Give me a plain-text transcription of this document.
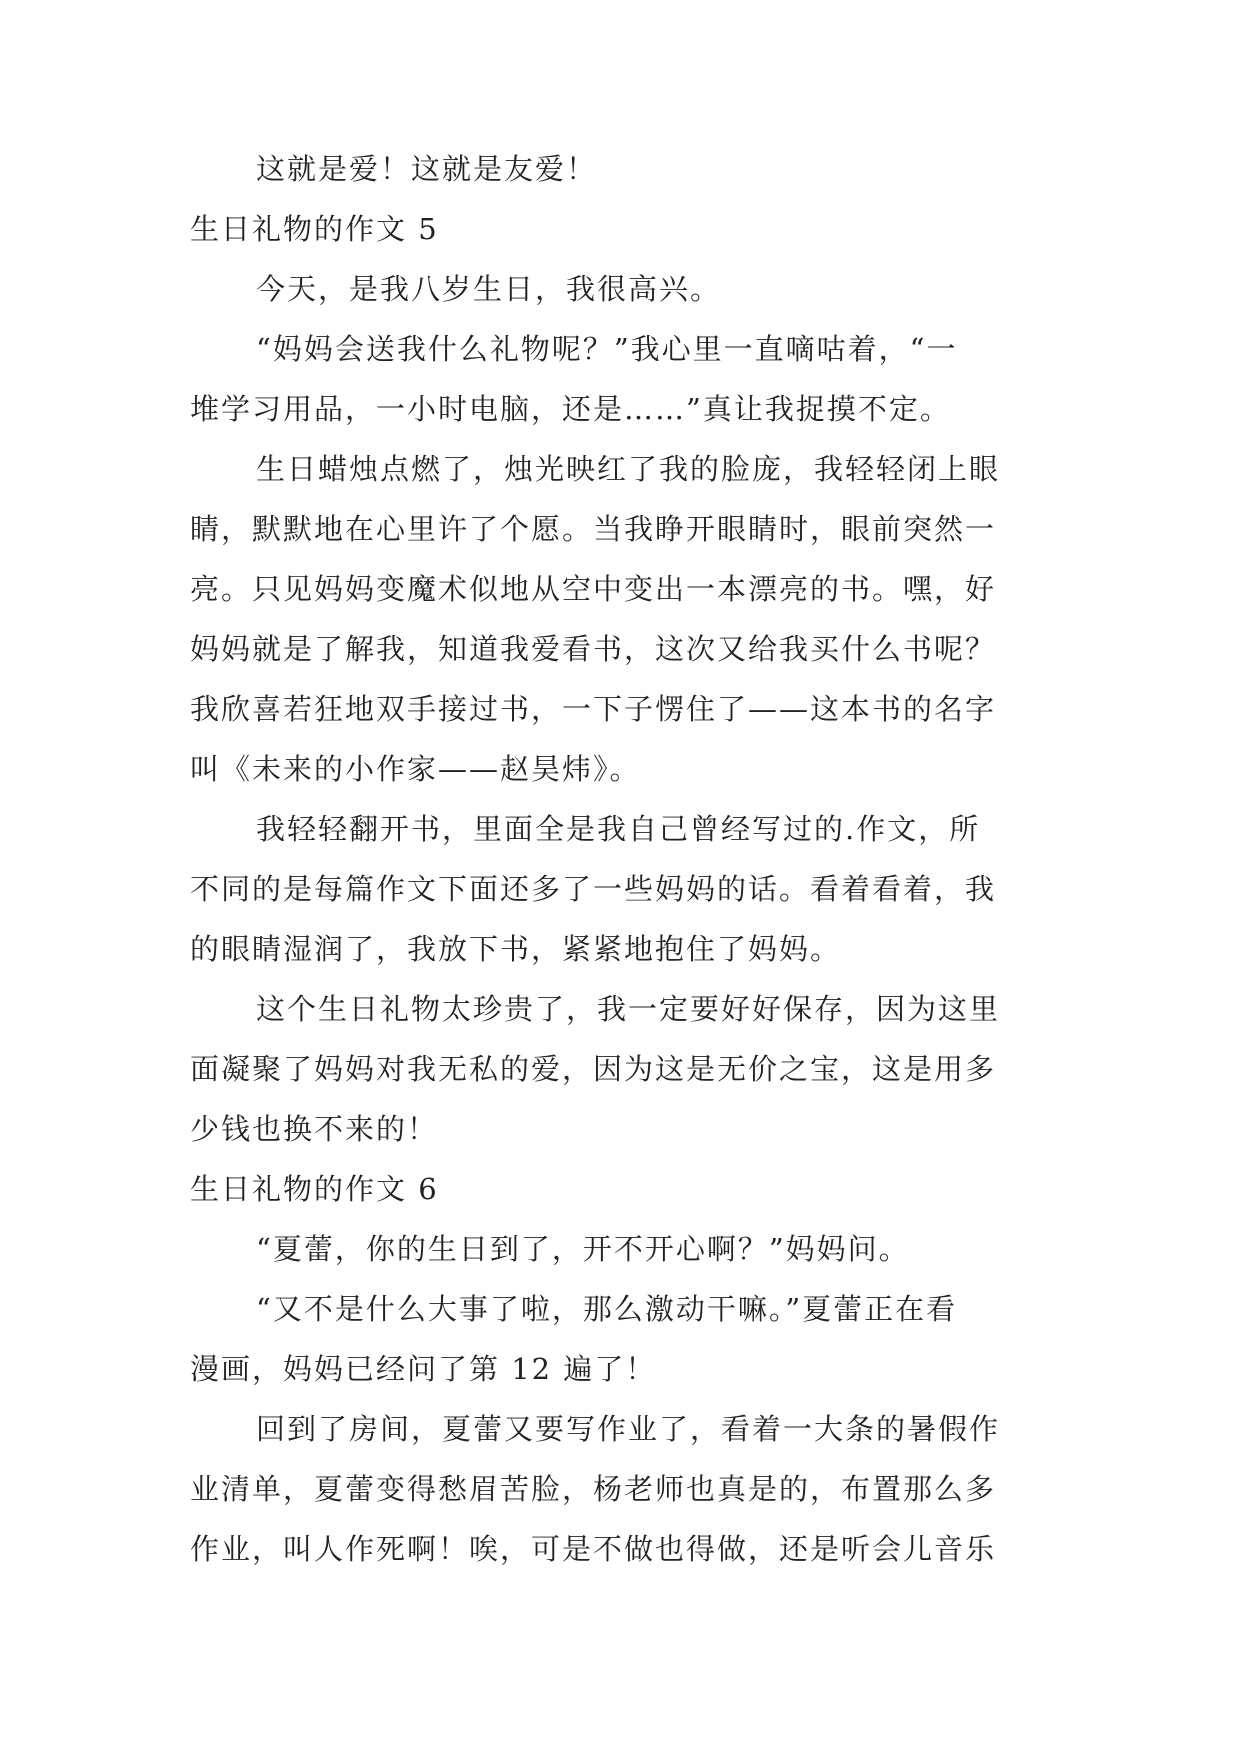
这就是爱！这就是友爱！
生日礼物的作文 5
今天，是我八岁生日，我很高兴。
“妈妈会送我什么礼物呢？”我心里一直嘀咕着，“一
堆学习用品，一小时电脑，还是……”真让我捉摸不定。
生日蜡烛点燃了，烛光映红了我的脸庞，我轻轻闭上眼
睛，默默地在心里许了个愿。当我睁开眼睛时，眼前突然一
亮。只见妈妈变魔术似地从空中变出一本漂亮的书。嘿，好
妈妈就是了解我，知道我爱看书，这次又给我买什么书呢？
我欣喜若狂地双手接过书，一下子愣住了——这本书的名字
叫《未来的小作家——赵昊炜》。
我轻轻翻开书，里面全是我自己曾经写过的.作文，所
不同的是每篇作文下面还多了一些妈妈的话。看着看着，我
的眼睛湿润了，我放下书，紧紧地抱住了妈妈。
这个生日礼物太珍贵了，我一定要好好保存，因为这里
面凝聚了妈妈对我无私的爱，因为这是无价之宝，这是用多
少钱也换不来的！
生日礼物的作文 6
“夏蕾，你的生日到了，开不开心啊？”妈妈问。
“又不是什么大事了啦，那么激动干嘛。”夏蕾正在看
漫画，妈妈已经问了第 12 遍了！
回到了房间，夏蕾又要写作业了，看着一大条的暑假作
业清单，夏蕾变得愁眉苦脸，杨老师也真是的，布置那么多
作业，叫人作死啊！唉，可是不做也得做，还是听会儿音乐
